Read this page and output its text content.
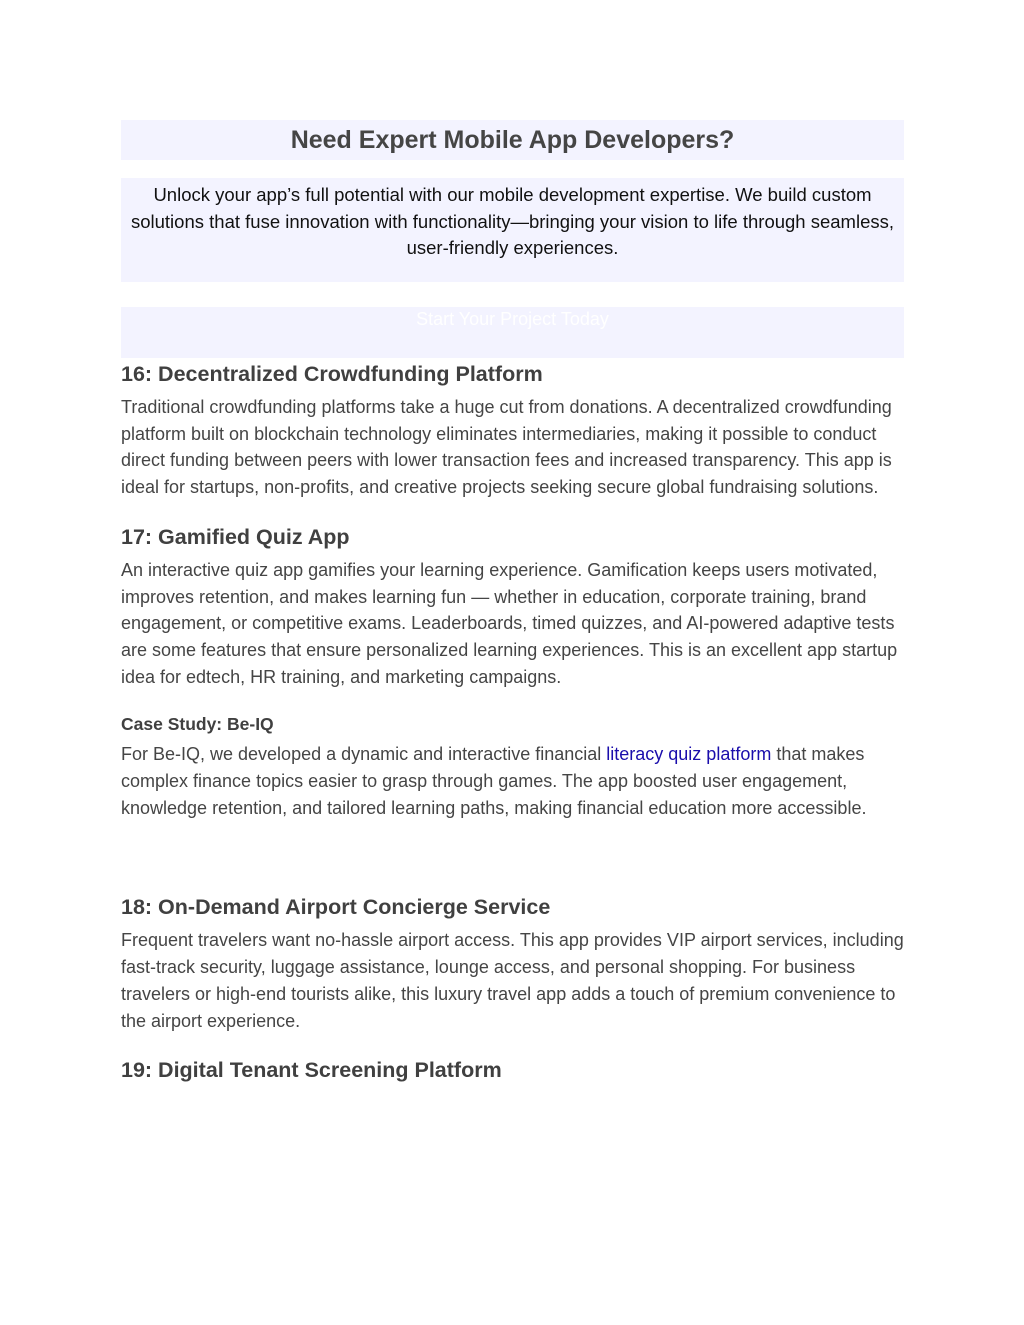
Need Expert Mobile App Developers?

Unlock your app’s full potential with our mobile development expertise. We build custom solutions that fuse innovation with functionality—bringing your vision to life through seamless, user-friendly experiences.

Start Your Project Today
16: Decentralized Crowdfunding Platform

Traditional crowdfunding platforms take a huge cut from donations. A decentralized crowdfunding platform built on blockchain technology eliminates intermediaries, making it possible to conduct direct funding between peers with lower transaction fees and increased transparency. This app is ideal for startups, non-profits, and creative projects seeking secure global fundraising solutions.

17: Gamified Quiz App

An interactive quiz app gamifies your learning experience. Gamification keeps users motivated, improves retention, and makes learning fun — whether in education, corporate training, brand engagement, or competitive exams. Leaderboards, timed quizzes, and AI-powered adaptive tests are some features that ensure personalized learning experiences. This is an excellent app startup idea for edtech, HR training, and marketing campaigns.

Case Study: Be-IQ

For Be-IQ, we developed a dynamic and interactive financial literacy quiz platform that makes complex finance topics easier to grasp through games. The app boosted user engagement, knowledge retention, and tailored learning paths, making financial education more accessible.

18: On-Demand Airport Concierge Service

Frequent travelers want no-hassle airport access. This app provides VIP airport services, including fast-track security, luggage assistance, lounge access, and personal shopping. For business travelers or high-end tourists alike, this luxury travel app adds a touch of premium convenience to the airport experience.

19: Digital Tenant Screening Platform
